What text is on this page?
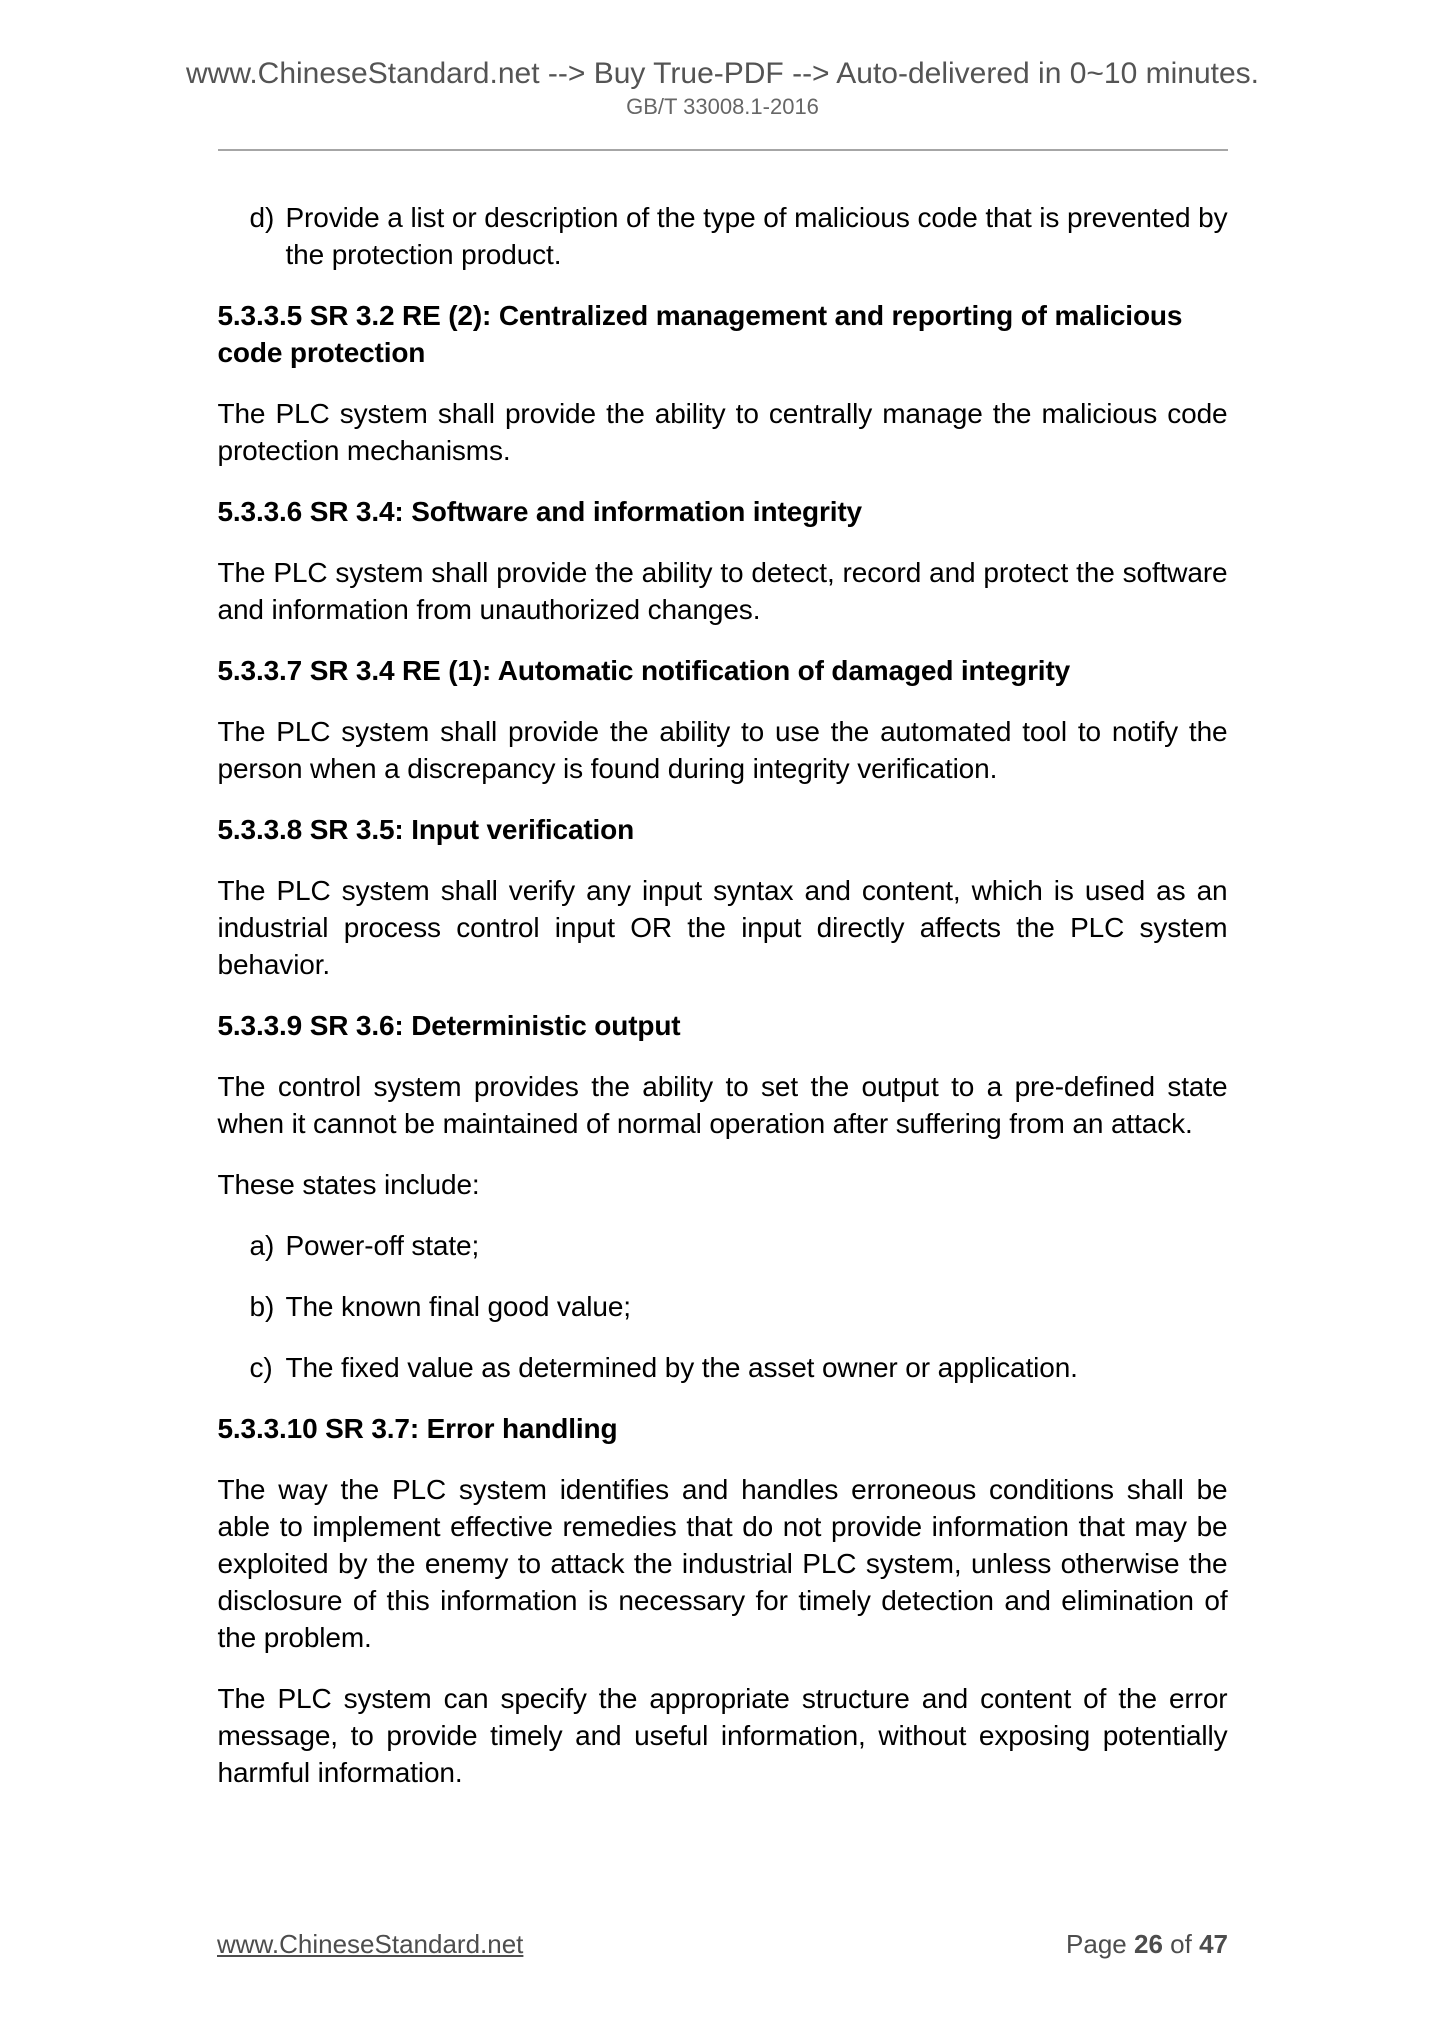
www.ChineseStandard.net --> Buy True-PDF --> Auto-delivered in 0~10 minutes.
GB/T 33008.1-2016
d) Provide a list or description of the type of malicious code that is prevented by the protection product.
5.3.3.5 SR 3.2 RE (2): Centralized management and reporting of malicious code protection

The PLC system shall provide the ability to centrally manage the malicious code protection mechanisms.

5.3.3.6 SR 3.4: Software and information integrity

The PLC system shall provide the ability to detect, record and protect the software and information from unauthorized changes.

5.3.3.7 SR 3.4 RE (1): Automatic notification of damaged integrity

The PLC system shall provide the ability to use the automated tool to notify the person when a discrepancy is found during integrity verification.

5.3.3.8 SR 3.5: Input verification

The PLC system shall verify any input syntax and content, which is used as an industrial process control input OR the input directly affects the PLC system behavior.

5.3.3.9 SR 3.6: Deterministic output

The control system provides the ability to set the output to a pre-defined state when it cannot be maintained of normal operation after suffering from an attack.

These states include:

a) Power-off state;
b) The known final good value;
c) The fixed value as determined by the asset owner or application.
5.3.3.10 SR 3.7: Error handling

The way the PLC system identifies and handles erroneous conditions shall be able to implement effective remedies that do not provide information that may be exploited by the enemy to attack the industrial PLC system, unless otherwise the disclosure of this information is necessary for timely detection and elimination of the problem.

The PLC system can specify the appropriate structure and content of the error message, to provide timely and useful information, without exposing potentially harmful information.

www.ChineseStandard.net	Page 26 of 47
